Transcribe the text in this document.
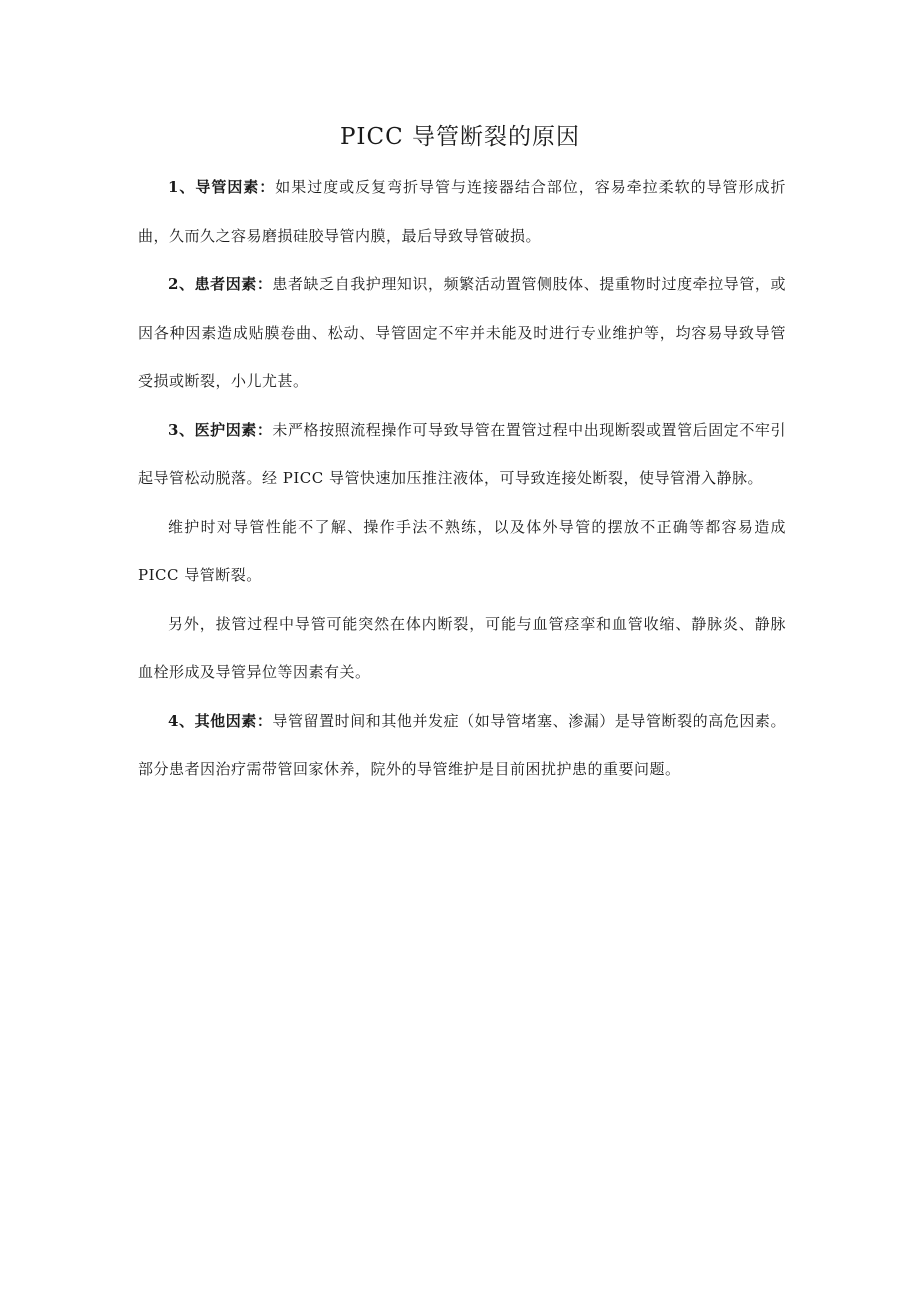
PICC 导管断裂的原因

1、导管因素：如果过度或反复弯折导管与连接器结合部位，容易牵拉柔软的导管形成折曲，久而久之容易磨损硅胶导管内膜，最后导致导管破损。

2、患者因素：患者缺乏自我护理知识，频繁活动置管侧肢体、提重物时过度牵拉导管，或因各种因素造成贴膜卷曲、松动、导管固定不牢并未能及时进行专业维护等，均容易导致导管受损或断裂，小儿尤甚。

3、医护因素：未严格按照流程操作可导致导管在置管过程中出现断裂或置管后固定不牢引起导管松动脱落。经 PICC 导管快速加压推注液体，可导致连接处断裂，使导管滑入静脉。

维护时对导管性能不了解、操作手法不熟练，以及体外导管的摆放不正确等都容易造成 PICC 导管断裂。

另外，拔管过程中导管可能突然在体内断裂，可能与血管痉挛和血管收缩、静脉炎、静脉血栓形成及导管异位等因素有关。

4、其他因素：导管留置时间和其他并发症（如导管堵塞、渗漏）是导管断裂的高危因素。部分患者因治疗需带管回家休养，院外的导管维护是目前困扰护患的重要问题。
